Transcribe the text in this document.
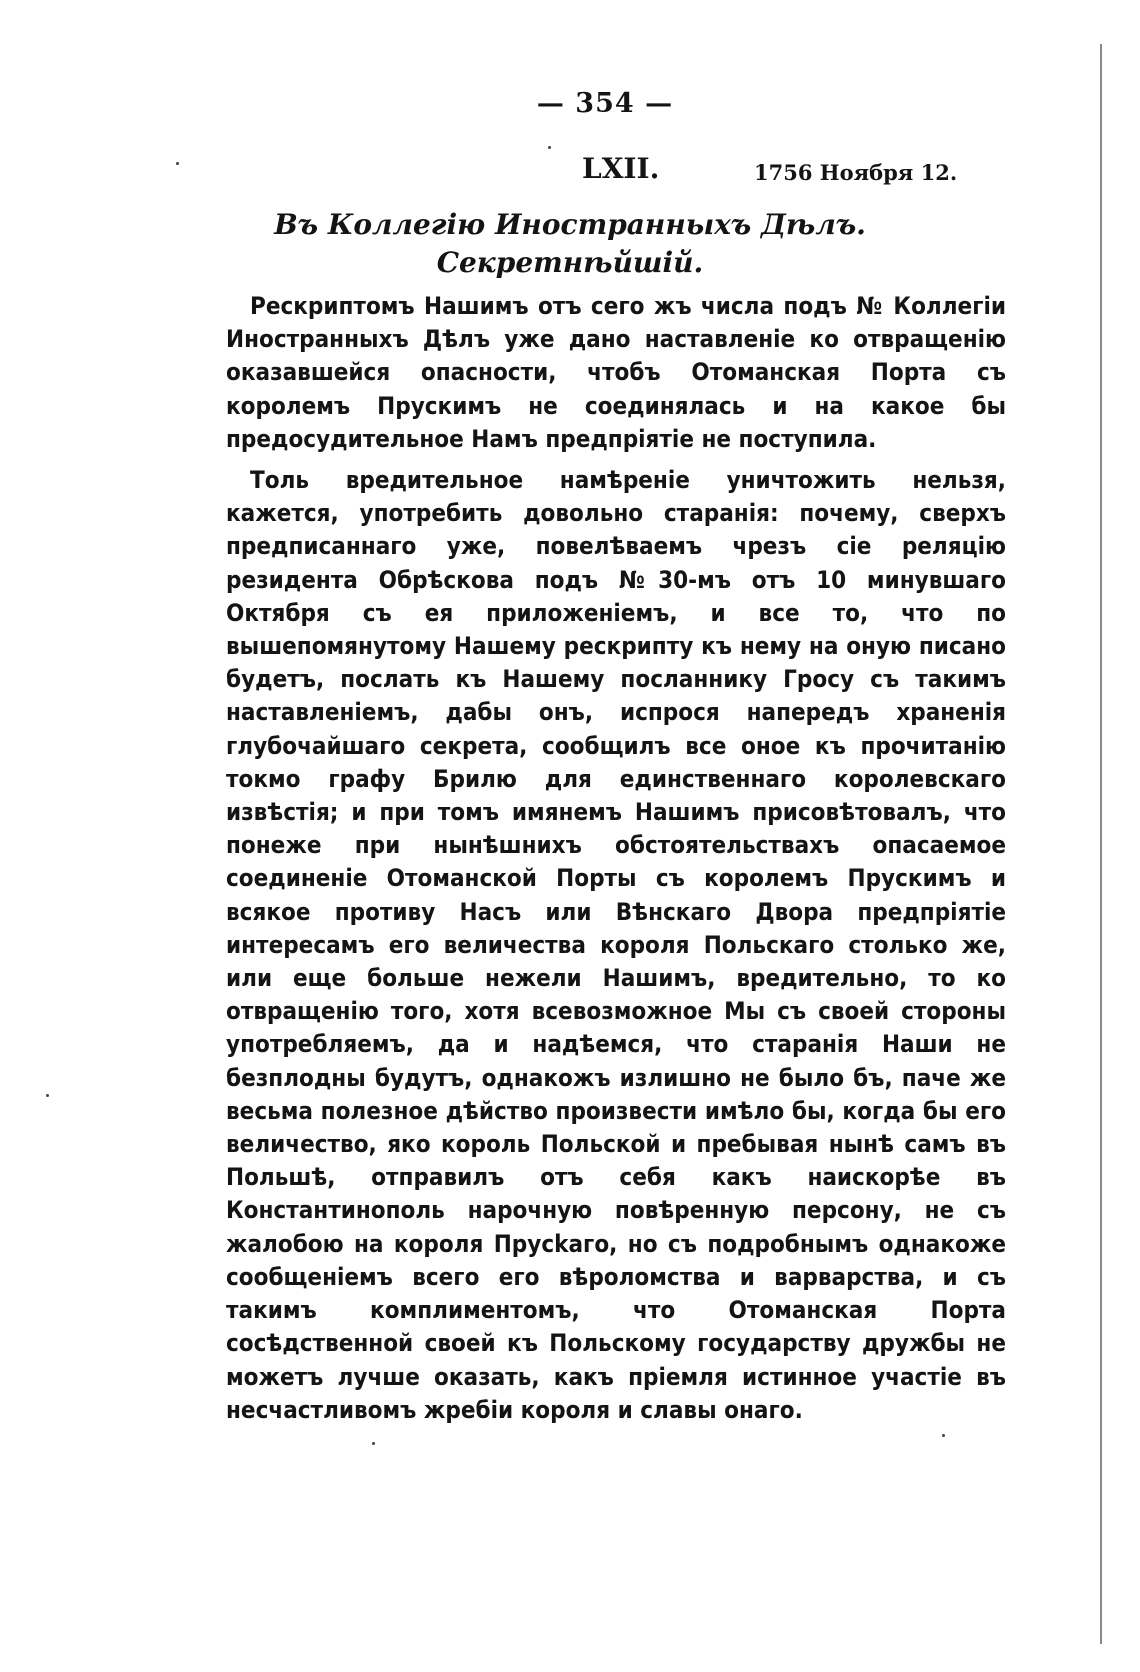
— 354 —
LXII.	1756 Ноября 12.
Въ Коллегію Иностранныхъ Дѣлъ.
Секретнѣйшій.

Рескриптомъ Нашимъ отъ сего жъ числа подъ № Коллегіи Иностранныхъ Дѣлъ уже дано наставленіе ко отвращенію оказавшейся опасности, чтобъ Отоманская Порта съ королемъ Прускимъ не соединялась и на какое бы предосудительное Намъ предпріятіе не поступила.

Толь вредительное намѣреніе уничтожить нельзя, кажется, употребить довольно старанія: почему, сверхъ предписаннаго уже, повелѣваемъ чрезъ сіе реляцію резидента Обрѣскова подъ №30-мъ отъ 10 минувшаго Октября съ ея приложеніемъ, и все то, что по вышепомянутому Нашему рескрипту къ нему на оную писано будетъ, послать къ Нашему посланнику Гросу съ такимъ наставленіемъ, дабы онъ, испрося напередъ храненія глубочайшаго секрета, сообщилъ все оное къ прочитанію токмо графу Брилю для единственнаго королевскаго извѣстія; и при томъ имянемъ Нашимъ присовѣтовалъ, что понеже при нынѣшнихъ обстоятельствахъ опасаемое соединеніе Отоманской Порты съ королемъ Прускимъ и всякое противу Насъ или Вѣнскаго Двора предпріятіе интересамъ его величества короля Польскаго столько же, или еще больше нежели Нашимъ, вредительно, то ко отвращенію того, хотя всевозможное Мы съ своей стороны употребляемъ, да и надѣемся, что старанія Наши не безплодны будутъ, однакожъ излишно не было бъ, паче же весьма полезное дѣйство произвести имѣло бы, когда бы его величество, яко король Польской и пребывая нынѣ самъ въ Польшѣ, отправилъ отъ себя какъ наискорѣе въ Константинополь нарочную повѣренную персону, не съ жалобою на короля Пруckаго, но съ подробнымъ однакоже сообщеніемъ всего его вѣроломства и варварства, и съ такимъ комплиментомъ, что Отоманская Порта сосѣдственной своей къ Польскому государству дружбы не можетъ лучше оказать, какъ пріемля истинное участіе въ несчастливомъ жребіи короля и славы онаго.
